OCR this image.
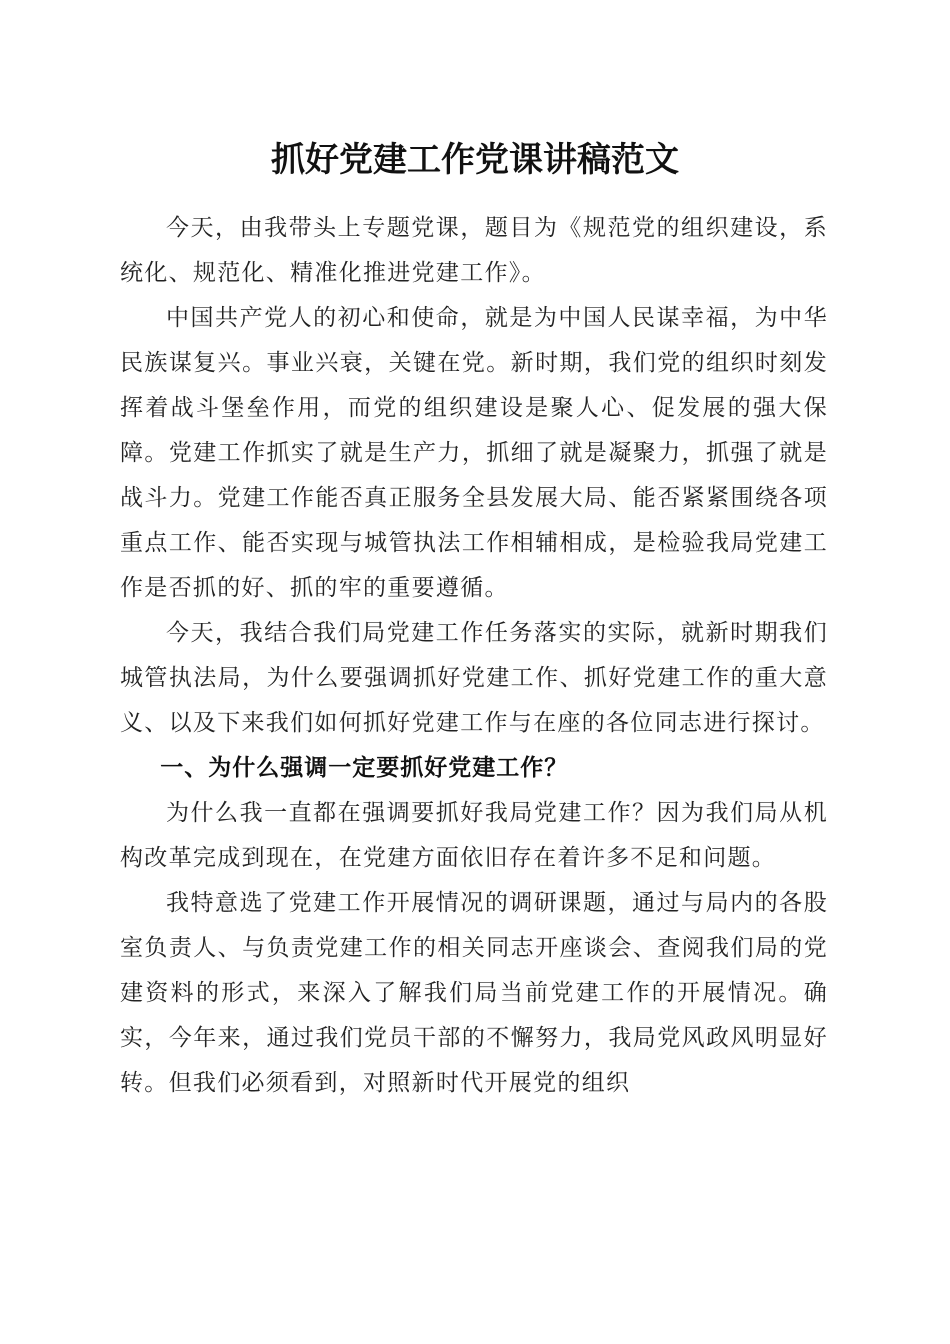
抓好党建工作党课讲稿范文

今天，由我带头上专题党课，题目为《规范党的组织建设，系统化、规范化、精准化推进党建工作》。

中国共产党人的初心和使命，就是为中国人民谋幸福，为中华民族谋复兴。事业兴衰，关键在党。新时期，我们党的组织时刻发挥着战斗堡垒作用，而党的组织建设是聚人心、促发展的强大保障。党建工作抓实了就是生产力，抓细了就是凝聚力，抓强了就是战斗力。党建工作能否真正服务全县发展大局、能否紧紧围绕各项重点工作、能否实现与城管执法工作相辅相成，是检验我局党建工作是否抓的好、抓的牢的重要遵循。

今天，我结合我们局党建工作任务落实的实际，就新时期我们城管执法局，为什么要强调抓好党建工作、抓好党建工作的重大意义、以及下来我们如何抓好党建工作与在座的各位同志进行探讨。

一、为什么强调一定要抓好党建工作？

为什么我一直都在强调要抓好我局党建工作？因为我们局从机构改革完成到现在，在党建方面依旧存在着许多不足和问题。

我特意选了党建工作开展情况的调研课题，通过与局内的各股室负责人、与负责党建工作的相关同志开座谈会、查阅我们局的党建资料的形式，来深入了解我们局当前党建工作的开展情况。确实，今年来，通过我们党员干部的不懈努力，我局党风政风明显好转。但我们必须看到，对照新时代开展党的组织
